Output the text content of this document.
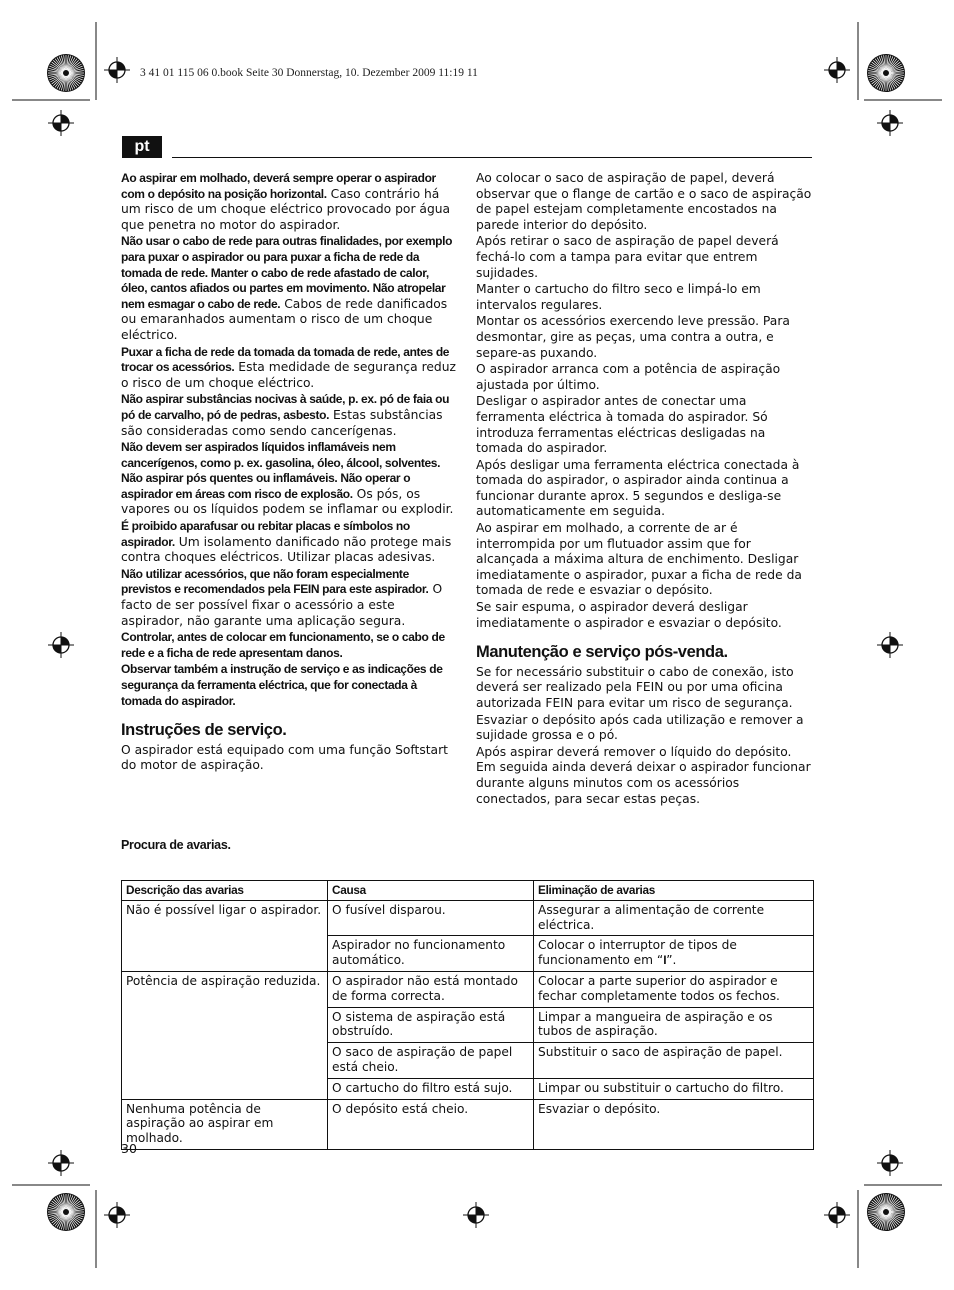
3 41 01 115 06 0.book Seite 30 Donnerstag, 10. Dezember 2009 11:19 11
pt

Ao aspirar em molhado, deverá sempre operar o aspirador com o depósito na posição horizontal. Caso contrário há um risco de um choque eléctrico provocado por água que penetra no motor do aspirador.

Não usar o cabo de rede para outras finalidades, por exemplo para puxar o aspirador ou para puxar a ficha de rede da tomada de rede. Manter o cabo de rede afastado de calor, óleo, cantos afiados ou partes em movimento. Não atropelar nem esmagar o cabo de rede. Cabos de rede danificados ou emaranhados aumentam o risco de um choque eléctrico.

Puxar a ficha de rede da tomada da tomada de rede, antes de trocar os acessórios. Esta medidade de segurança reduz o risco de um choque eléctrico.

Não aspirar substâncias nocivas à saúde, p. ex. pó de faia ou pó de carvalho, pó de pedras, asbesto. Estas substâncias são consideradas como sendo cancerígenas.

Não devem ser aspirados líquidos inflamáveis nem cancerígenos, como p. ex. gasolina, óleo, álcool, solventes. Não aspirar pós quentes ou inflamáveis. Não operar o aspirador em áreas com risco de explosão. Os pós, os vapores ou os líquidos podem se inflamar ou explodir.

É proibido aparafusar ou rebitar placas e símbolos no aspirador. Um isolamento danificado não protege mais contra choques eléctricos. Utilizar placas adesivas.

Não utilizar acessórios, que não foram especialmente previstos e recomendados pela FEIN para este aspirador. O facto de ser possível fixar o acessório a este aspirador, não garante uma aplicação segura.

Controlar, antes de colocar em funcionamento, se o cabo de rede e a ficha de rede apresentam danos.

Observar também a instrução de serviço e as indicações de segurança da ferramenta eléctrica, que for conectada à tomada do aspirador.

Instruções de serviço.

O aspirador está equipado com uma função Softstart do motor de aspiração.

Ao colocar o saco de aspiração de papel, deverá observar que o flange de cartão e o saco de aspiração de papel estejam completamente encostados na parede interior do depósito.

Após retirar o saco de aspiração de papel deverá fechá-lo com a tampa para evitar que entrem sujidades.

Manter o cartucho do filtro seco e limpá-lo em intervalos regulares.

Montar os acessórios exercendo leve pressão. Para desmontar, gire as peças, uma contra a outra, e separe-as puxando.

O aspirador arranca com a potência de aspiração ajustada por último.

Desligar o aspirador antes de conectar uma ferramenta eléctrica à tomada do aspirador. Só introduza ferramentas eléctricas desligadas na tomada do aspirador.

Após desligar uma ferramenta eléctrica conectada à tomada do aspirador, o aspirador ainda continua a funcionar durante aprox. 5 segundos e desliga-se automaticamente em seguida.

Ao aspirar em molhado, a corrente de ar é interrompida por um flutuador assim que for alcançada a máxima altura de enchimento. Desligar imediatamente o aspirador, puxar a ficha de rede da tomada de rede e esvaziar o depósito.

Se sair espuma, o aspirador deverá desligar imediatamente o aspirador e esvaziar o depósito.

Manutenção e serviço pós-venda.

Se for necessário substituir o cabo de conexão, isto deverá ser realizado pela FEIN ou por uma oficina autorizada FEIN para evitar um risco de segurança.

Esvaziar o depósito após cada utilização e remover a sujidade grossa e o pó.

Após aspirar deverá remover o líquido do depósito. Em seguida ainda deverá deixar o aspirador funcionar durante alguns minutos com os acessórios conectados, para secar estas peças.

Procura de avarias.
Descrição das avarias	Causa	Eliminação de avarias
Não é possível ligar o aspirador.	O fusível disparou.	Assegurar a alimentação de corrente eléctrica.
	Aspirador no funcionamento automático.	Colocar o interruptor de tipos de funcionamento em “I”.
Potência de aspiração reduzida.	O aspirador não está montado de forma correcta.	Colocar a parte superior do aspirador e fechar completamente todos os fechos.
	O sistema de aspiração está obstruído.	Limpar a mangueira de aspiração e os tubos de aspiração.
	O saco de aspiração de papel está cheio.	Substituir o saco de aspiração de papel.
	O cartucho do filtro está sujo.	Limpar ou substituir o cartucho do filtro.
Nenhuma potência de aspiração ao aspirar em molhado.	O depósito está cheio.	Esvaziar o depósito.
30
